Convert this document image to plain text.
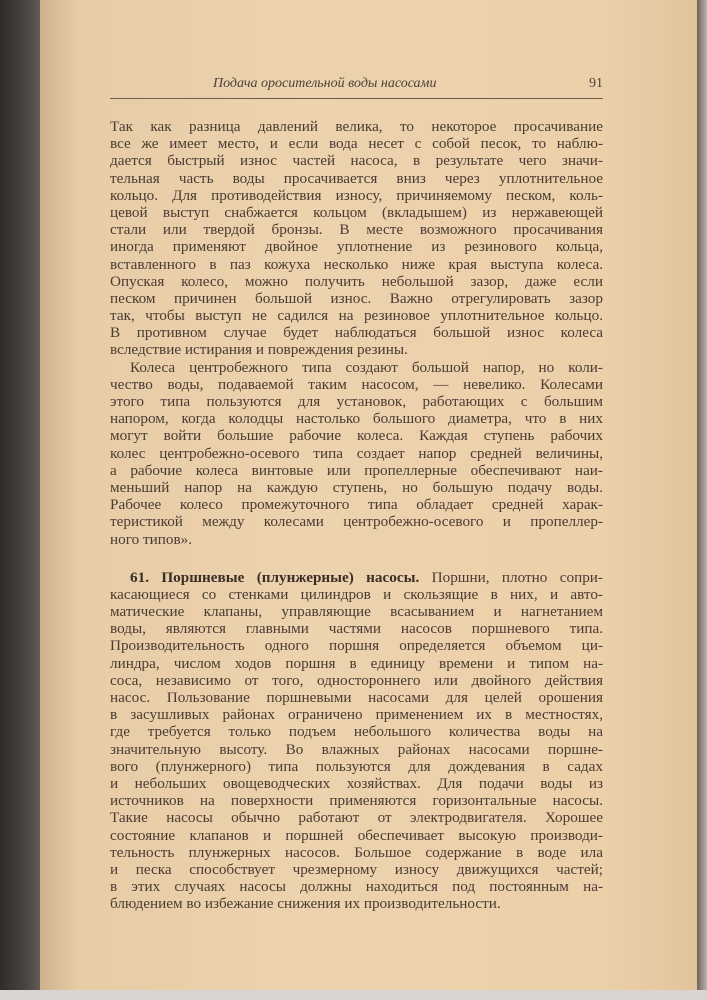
Подача оросительной воды насосами	91
Так как разница давлений велика, то некоторое просачивание
все же имеет место, и если вода несет с собой песок, то наблю-
дается быстрый износ частей насоса, в результате чего значи-
тельная часть воды просачивается вниз через уплотнительное
кольцо. Для противодействия износу, причиняемому песком, коль-
цевой выступ снабжается кольцом (вкладышем) из нержавеющей
стали или твердой бронзы. В месте возможного просачивания
иногда применяют двойное уплотнение из резинового кольца,
вставленного в паз кожуха несколько ниже края выступа колеса.
Опуская колесо, можно получить небольшой зазор, даже если
песком причинен большой износ. Важно отрегулировать зазор
так, чтобы выступ не садился на резиновое уплотнительное кольцо.
В противном случае будет наблюдаться большой износ колеса
вследствие истирания и повреждения резины.
Колеса центробежного типа создают большой напор, но коли-
чество воды, подаваемой таким насосом, — невелико. Колесами
этого типа пользуются для установок, работающих с большим
напором, когда колодцы настолько большого диаметра, что в них
могут войти большие рабочие колеса. Каждая ступень рабочих
колес центробежно-осевого типа создает напор средней величины,
а рабочие колеса винтовые или пропеллерные обеспечивают наи-
меньший напор на каждую ступень, но большую подачу воды.
Рабочее колесо промежуточного типа обладает средней харак-
теристикой между колесами центробежно-осевого и пропеллер-
ного типов».
61. Поршневые (плунжерные) насосы. Поршни, плотно сопри-
касающиеся со стенками цилиндров и скользящие в них, и авто-
матические клапаны, управляющие всасыванием и нагнетанием
воды, являются главными частями насосов поршневого типа.
Производительность одного поршня определяется объемом ци-
линдра, числом ходов поршня в единицу времени и типом на-
соса, независимо от того, одностороннего или двойного действия
насос. Пользование поршневыми насосами для целей орошения
в засушливых районах ограничено применением их в местностях,
где требуется только подъем небольшого количества воды на
значительную высоту. Во влажных районах насосами поршне-
вого (плунжерного) типа пользуются для дождевания в садах
и небольших овощеводческих хозяйствах. Для подачи воды из
источников на поверхности применяются горизонтальные насосы.
Такие насосы обычно работают от электродвигателя. Хорошее
состояние клапанов и поршней обеспечивает высокую производи-
тельность плунжерных насосов. Большое содержание в воде ила
и песка способствует чрезмерному износу движущихся частей;
в этих случаях насосы должны находиться под постоянным на-
блюдением во избежание снижения их производительности.
